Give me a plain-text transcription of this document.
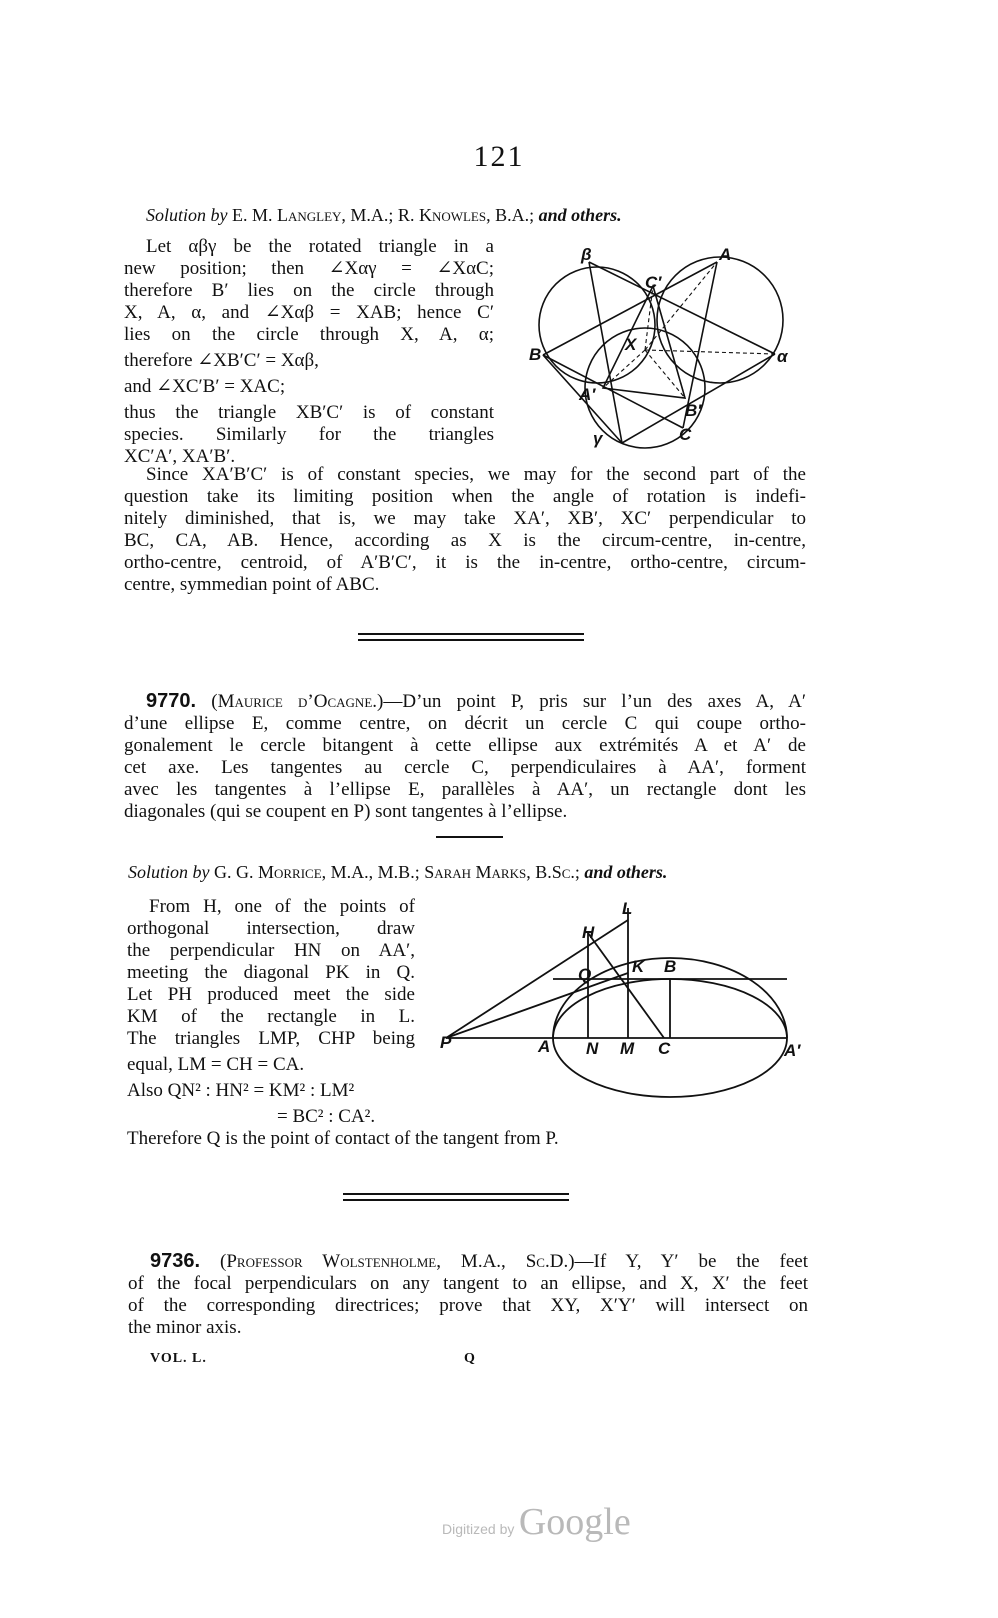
121
Solution by E. M. Langley, M.A.; R. Knowles, B.A.; and others.
Let αβγ be the rotated triangle in a
new position; then ∠Xαγ = ∠XαC;
therefore B′ lies on the circle through
X, A, α, and ∠Xαβ = XAB; hence C′
lies on the circle through X, A, α;
therefore ∠XB′C′ = Xαβ,
and ∠XC′B′ = XAC;
thus the triangle XB′C′ is of constant
species. Similarly for the triangles
XC′A′, XA′B′.
β	A
C′
X
B	α
A′
B′
γ	C
Since XA′B′C′ is of constant species, we may for the second part of the
question take its limiting position when the angle of rotation is indefi-
nitely diminished, that is, we may take XA′, XB′, XC′ perpendicular to
BC, CA, AB. Hence, according as X is the circum-centre, in-centre,
ortho-centre, centroid, of A′B′C′, it is the in-centre, ortho-centre, circum-
centre, symmedian point of ABC.
9770. (Maurice d’Ocagne.)—D’un point P, pris sur l’un des axes A, A′
d’une ellipse E, comme centre, on décrit un cercle C qui coupe ortho-
gonalement le cercle bitangent à cette ellipse aux extrémités A et A′ de
cet axe. Les tangentes au cercle C, perpendiculaires à AA′, forment
avec les tangentes à l’ellipse E, parallèles à AA′, un rectangle dont les
diagonales (qui se coupent en P) sont tangentes à l’ellipse.
Solution by G. G. Morrice, M.A., M.B.; Sarah Marks, B.Sc.; and others.
From H, one of the points of
orthogonal intersection, draw
the perpendicular HN on AA′,
meeting the diagonal PK in Q.
Let PH produced meet the side
KM of the rectangle in L.
The triangles LMP, CHP being
equal, LM = CH = CA.
Also QN² : HN² = KM² : LM²
= BC² : CA².
L
H
Q K B
P	A N M C	A′
Therefore Q is the point of contact of the tangent from P.
9736. (Professor Wolstenholme, M.A., Sc.D.)—If Y, Y′ be the feet
of the focal perpendiculars on any tangent to an ellipse, and X, X′ the feet
of the corresponding directrices; prove that XY, X′Y′ will intersect on
the minor axis.
VOL. L.	Q
Digitized by Google
